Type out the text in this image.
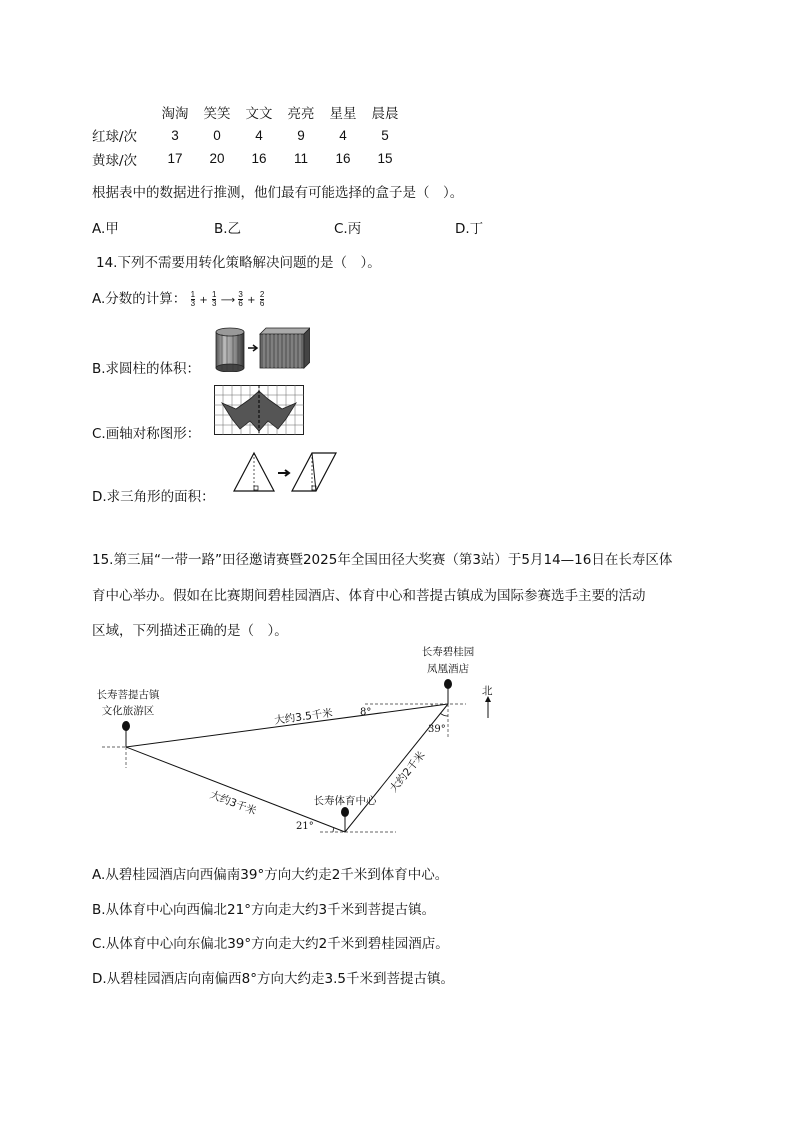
	淘淘	笑笑	文文	亮亮	星星	晨晨
红球/次	3	0	4	9	4	5
黄球/次	17	20	16	11	16	15
根据表中的数据进行推测，他们最有可能选择的盒子是（　）。
A.甲	B.乙	C.丙	D.丁
14.下列不需要用转化策略解决问题的是（　）。
A.分数的计算： $\frac{1}{3} + \frac{1}{3}$ ⟶ $\frac{3}{6} + \frac{2}{6}$
B.求圆柱的体积：
C.画轴对称图形：
D.求三角形的面积：
15.第三届“一带一路”田径邀请赛暨2025年全国田径大奖赛（第3站）于5月14—16日在长寿区体
育中心举办。假如在比赛期间碧桂园酒店、体育中心和菩提古镇成为国际参赛选手主要的活动
区域，下列描述正确的是（　）。
长寿碧桂园
凤凰酒店
长寿菩提古镇
文化旅游区
长寿体育中心
北
大约3.5千米
大约3千米
大约2千米
8°
39°
21°
A.从碧桂园酒店向西偏南39°方向大约走2千米到体育中心。
B.从体育中心向西偏北21°方向走大约3千米到菩提古镇。
C.从体育中心向东偏北39°方向走大约2千米到碧桂园酒店。
D.从碧桂园酒店向南偏西8°方向大约走3.5千米到菩提古镇。
